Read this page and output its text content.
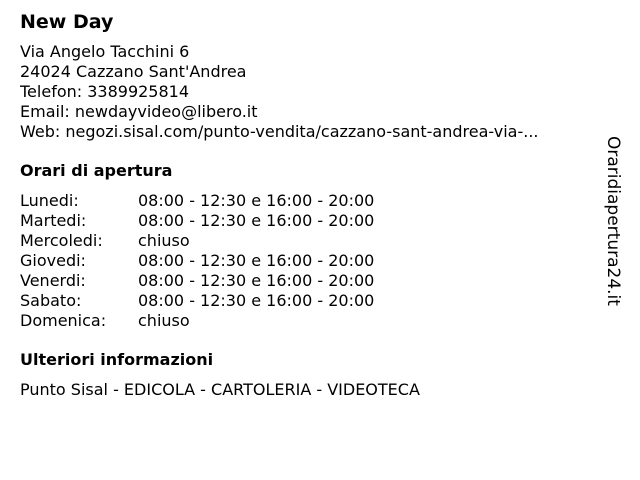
New Day
Via Angelo Tacchini 6
24024 Cazzano Sant'Andrea
Telefon: 3389925814
Email: newdayvideo@libero.it
Web: negozi.sisal.com/punto-vendita/cazzano-sant-andrea-via-...
Orari di apertura
Lunedi:	08:00 - 12:30 e 16:00 - 20:00
Martedi:	08:00 - 12:30 e 16:00 - 20:00
Mercoledi:	chiuso
Giovedi:	08:00 - 12:30 e 16:00 - 20:00
Venerdi:	08:00 - 12:30 e 16:00 - 20:00
Sabato:	08:00 - 12:30 e 16:00 - 20:00
Domenica:	chiuso
Ulteriori informazioni
Punto Sisal - EDICOLA - CARTOLERIA - VIDEOTECA
Oraridiapertura24.it
